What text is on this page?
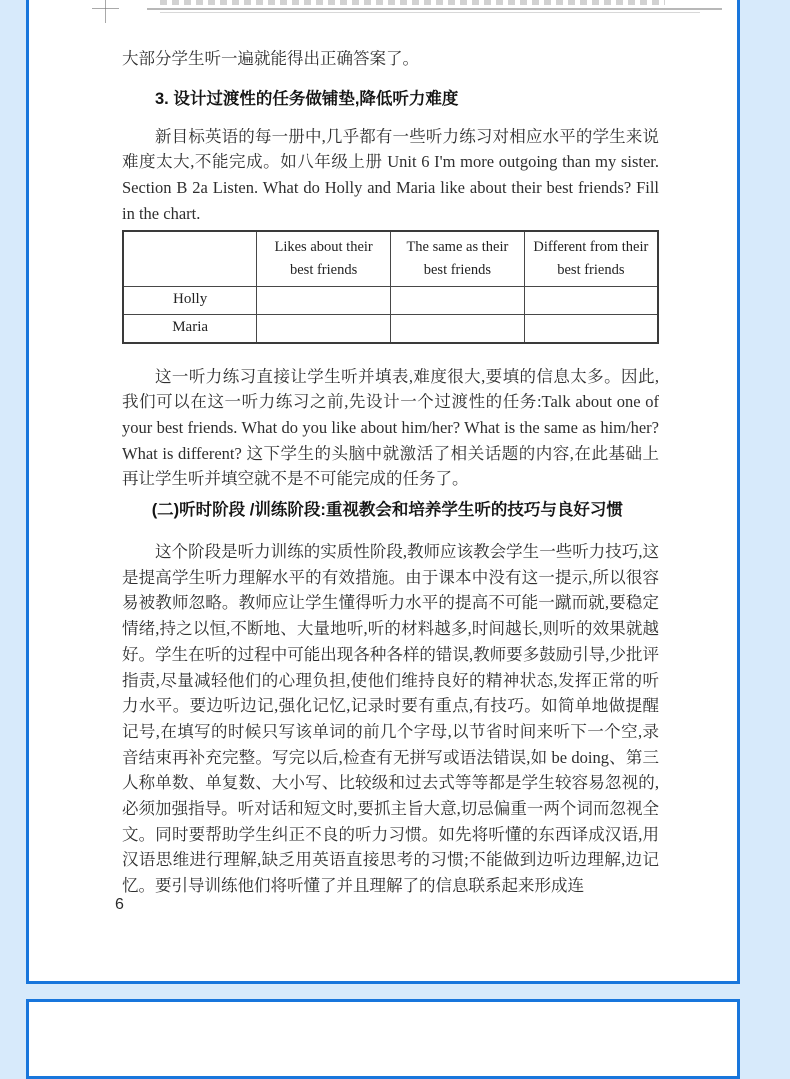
大部分学生听一遍就能得出正确答案了。

3. 设计过渡性的任务做铺垫,降低听力难度

新目标英语的每一册中,几乎都有一些听力练习对相应水平的学生来说难度太大,不能完成。如八年级上册 Unit 6 I'm more outgoing than my sister. Section B 2a Listen. What do Holly and Maria like about their best friends? Fill in the chart.

	Likes about their best friends	The same as their best friends	Different from their best friends
Holly			
Maria			

这一听力练习直接让学生听并填表,难度很大,要填的信息太多。因此,我们可以在这一听力练习之前,先设计一个过渡性的任务:Talk about one of your best friends. What do you like about him/her? What is the same as him/her? What is different? 这下学生的头脑中就激活了相关话题的内容,在此基础上再让学生听并填空就不是不可能完成的任务了。

(二)听时阶段 /训练阶段:重视教会和培养学生听的技巧与良好习惯

这个阶段是听力训练的实质性阶段,教师应该教会学生一些听力技巧,这是提高学生听力理解水平的有效措施。由于课本中没有这一提示,所以很容易被教师忽略。教师应让学生懂得听力水平的提高不可能一蹴而就,要稳定情绪,持之以恒,不断地、大量地听,听的材料越多,时间越长,则听的效果就越好。学生在听的过程中可能出现各种各样的错误,教师要多鼓励引导,少批评指责,尽量减轻他们的心理负担,使他们维持良好的精神状态,发挥正常的听力水平。要边听边记,强化记忆,记录时要有重点,有技巧。如简单地做提醒记号,在填写的时候只写该单词的前几个字母,以节省时间来听下一个空,录音结束再补充完整。写完以后,检查有无拼写或语法错误,如 be doing、第三人称单数、单复数、大小写、比较级和过去式等等都是学生较容易忽视的,必须加强指导。听对话和短文时,要抓主旨大意,切忌偏重一两个词而忽视全文。同时要帮助学生纠正不良的听力习惯。如先将听懂的东西译成汉语,用汉语思维进行理解,缺乏用英语直接思考的习惯;不能做到边听边理解,边记忆。要引导训练他们将听懂了并且理解了的信息联系起来形成连

6
